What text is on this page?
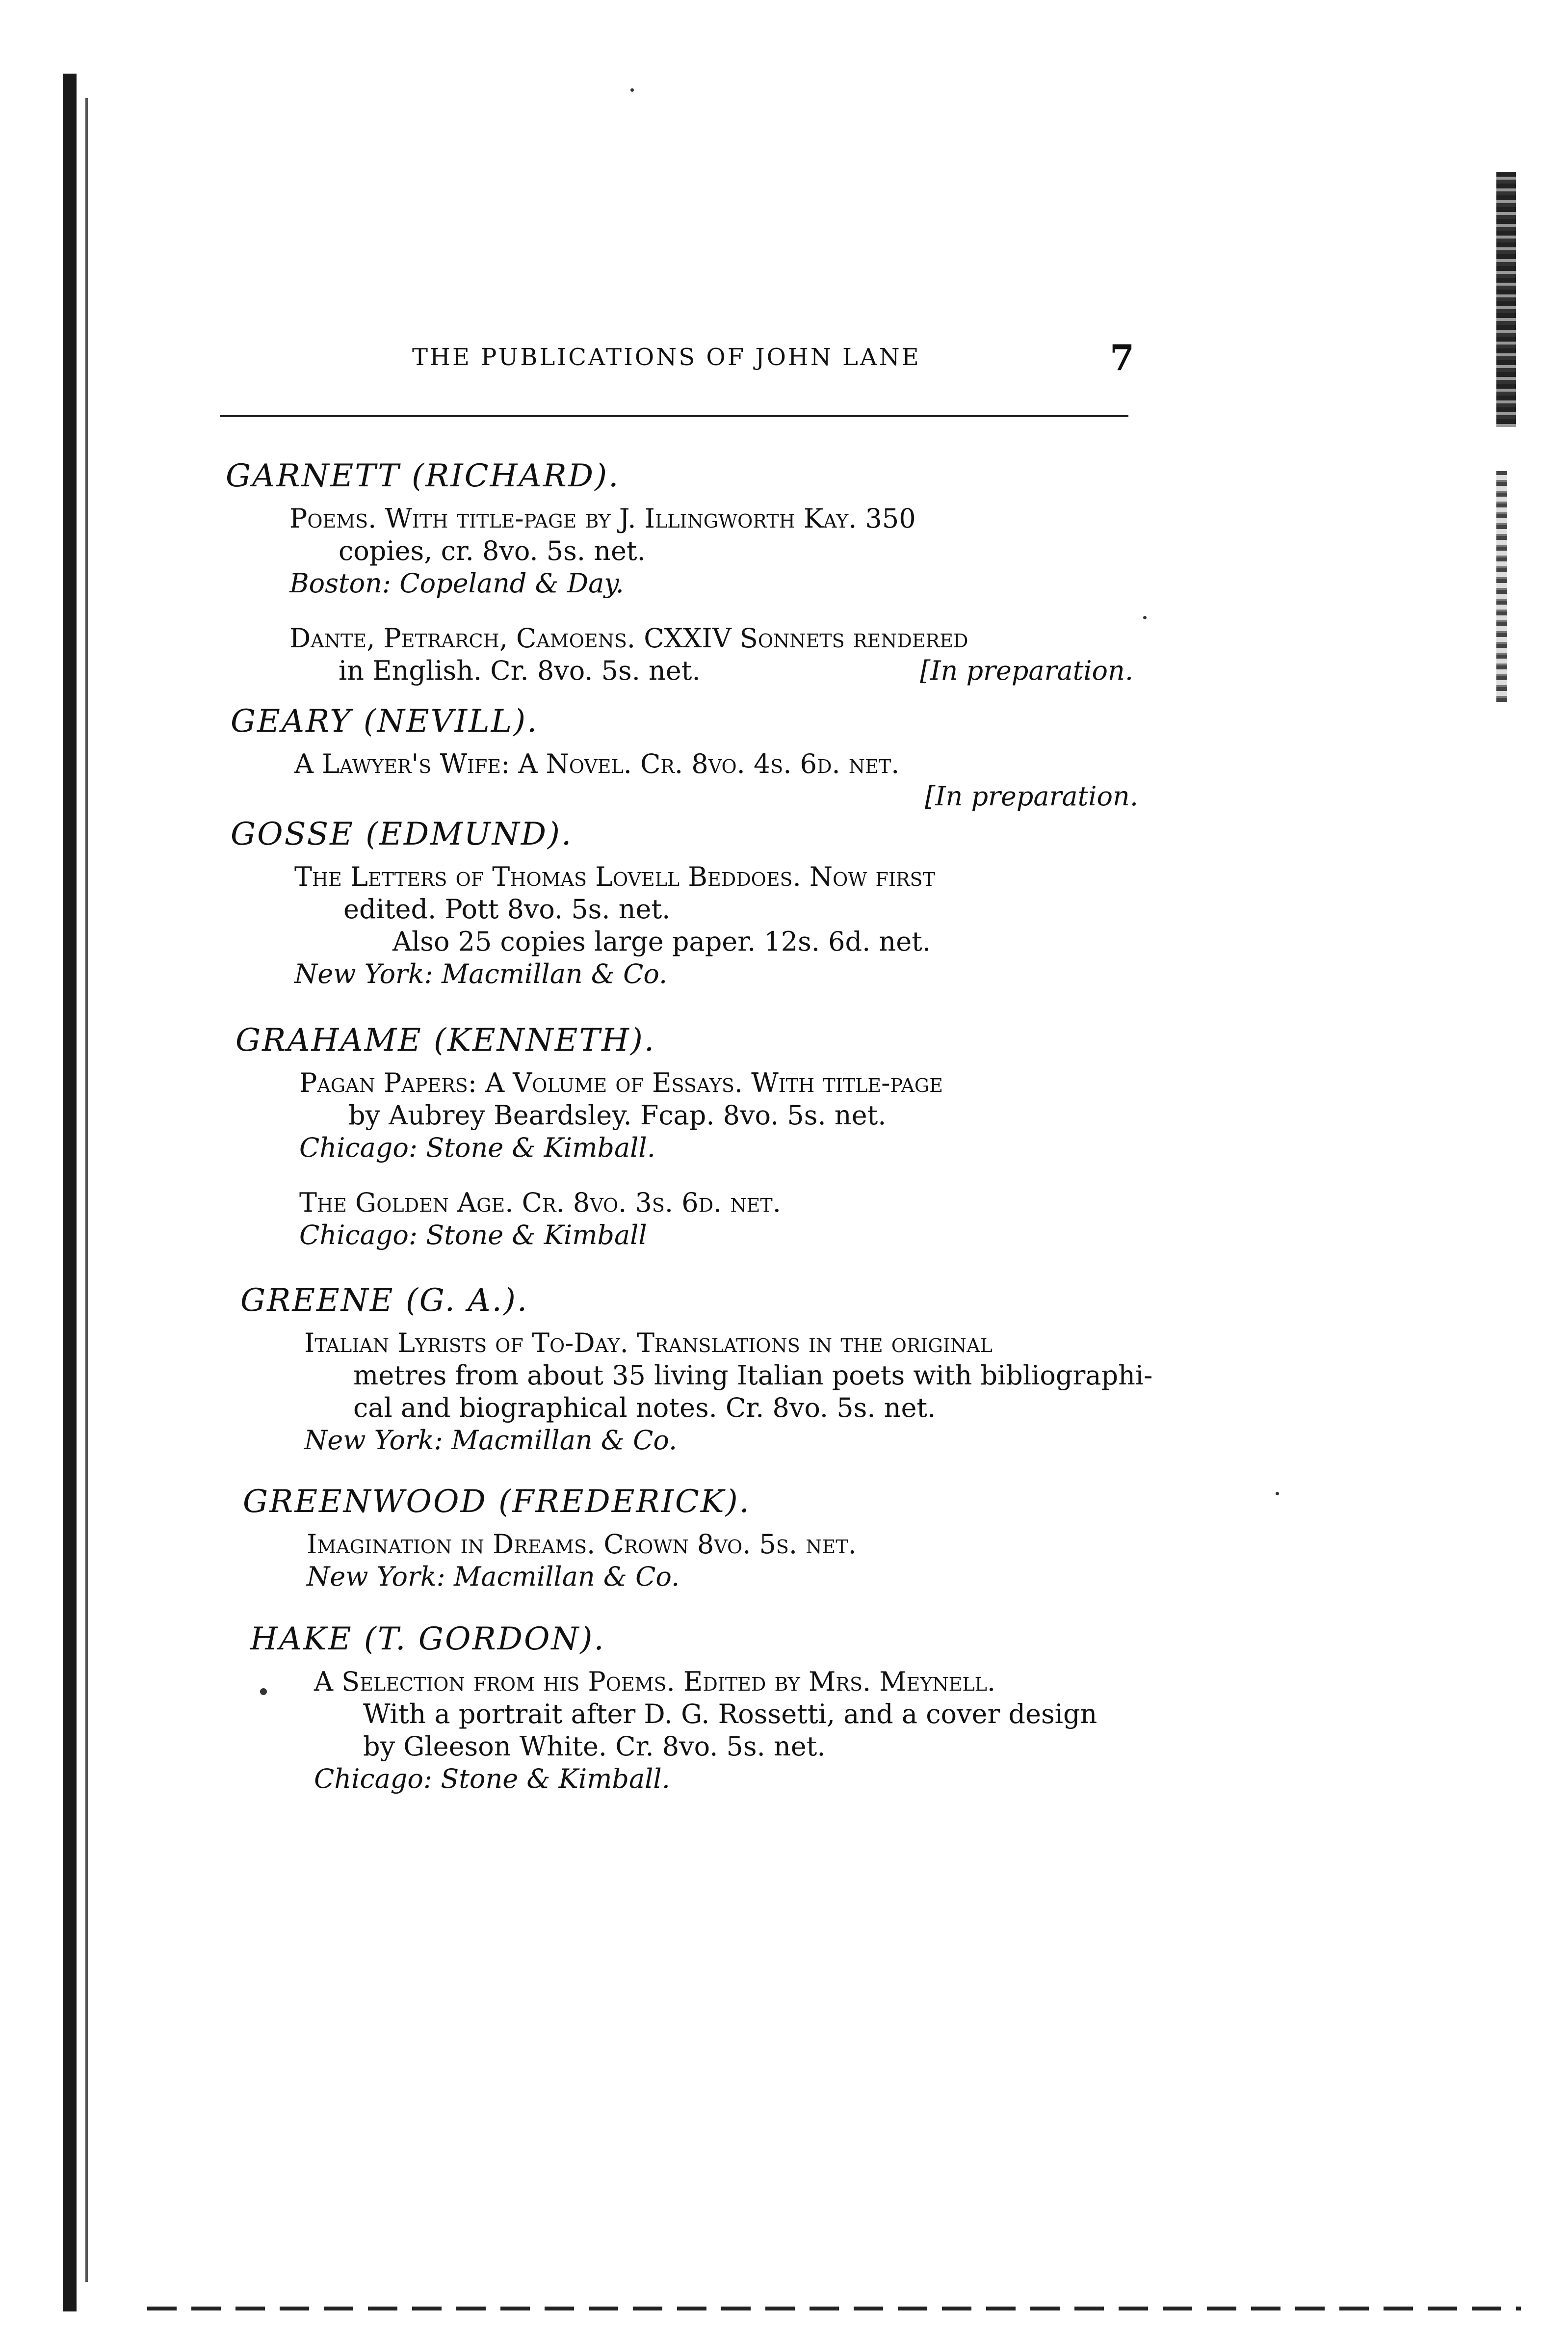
THE PUBLICATIONS OF JOHN LANE	7
GARNETT (RICHARD).
Poems. With title-page by J. Illingworth Kay. 350
copies, cr. 8vo. 5s. net.
Boston: Copeland & Day.
Dante, Petrarch, Camoens. CXXIV Sonnets rendered
in English. Cr. 8vo. 5s. net.	[In preparation.
GEARY (NEVILL).
A Lawyer's Wife: A Novel. Cr. 8vo. 4s. 6d. net.
[In preparation.
GOSSE (EDMUND).
The Letters of Thomas Lovell Beddoes. Now first
edited. Pott 8vo. 5s. net.
Also 25 copies large paper. 12s. 6d. net.
New York: Macmillan & Co.
GRAHAME (KENNETH).
Pagan Papers: A Volume of Essays. With title-page
by Aubrey Beardsley. Fcap. 8vo. 5s. net.
Chicago: Stone & Kimball.
The Golden Age. Cr. 8vo. 3s. 6d. net.
Chicago: Stone & Kimball
GREENE (G. A.).
Italian Lyrists of To-Day. Translations in the original
metres from about 35 living Italian poets with bibliographi-
cal and biographical notes. Cr. 8vo. 5s. net.
New York: Macmillan & Co.
GREENWOOD (FREDERICK).
Imagination in Dreams. Crown 8vo. 5s. net.
New York: Macmillan & Co.
HAKE (T. GORDON).
A Selection from his Poems. Edited by Mrs. Meynell.
With a portrait after D. G. Rossetti, and a cover design
by Gleeson White. Cr. 8vo. 5s. net.
Chicago: Stone & Kimball.
